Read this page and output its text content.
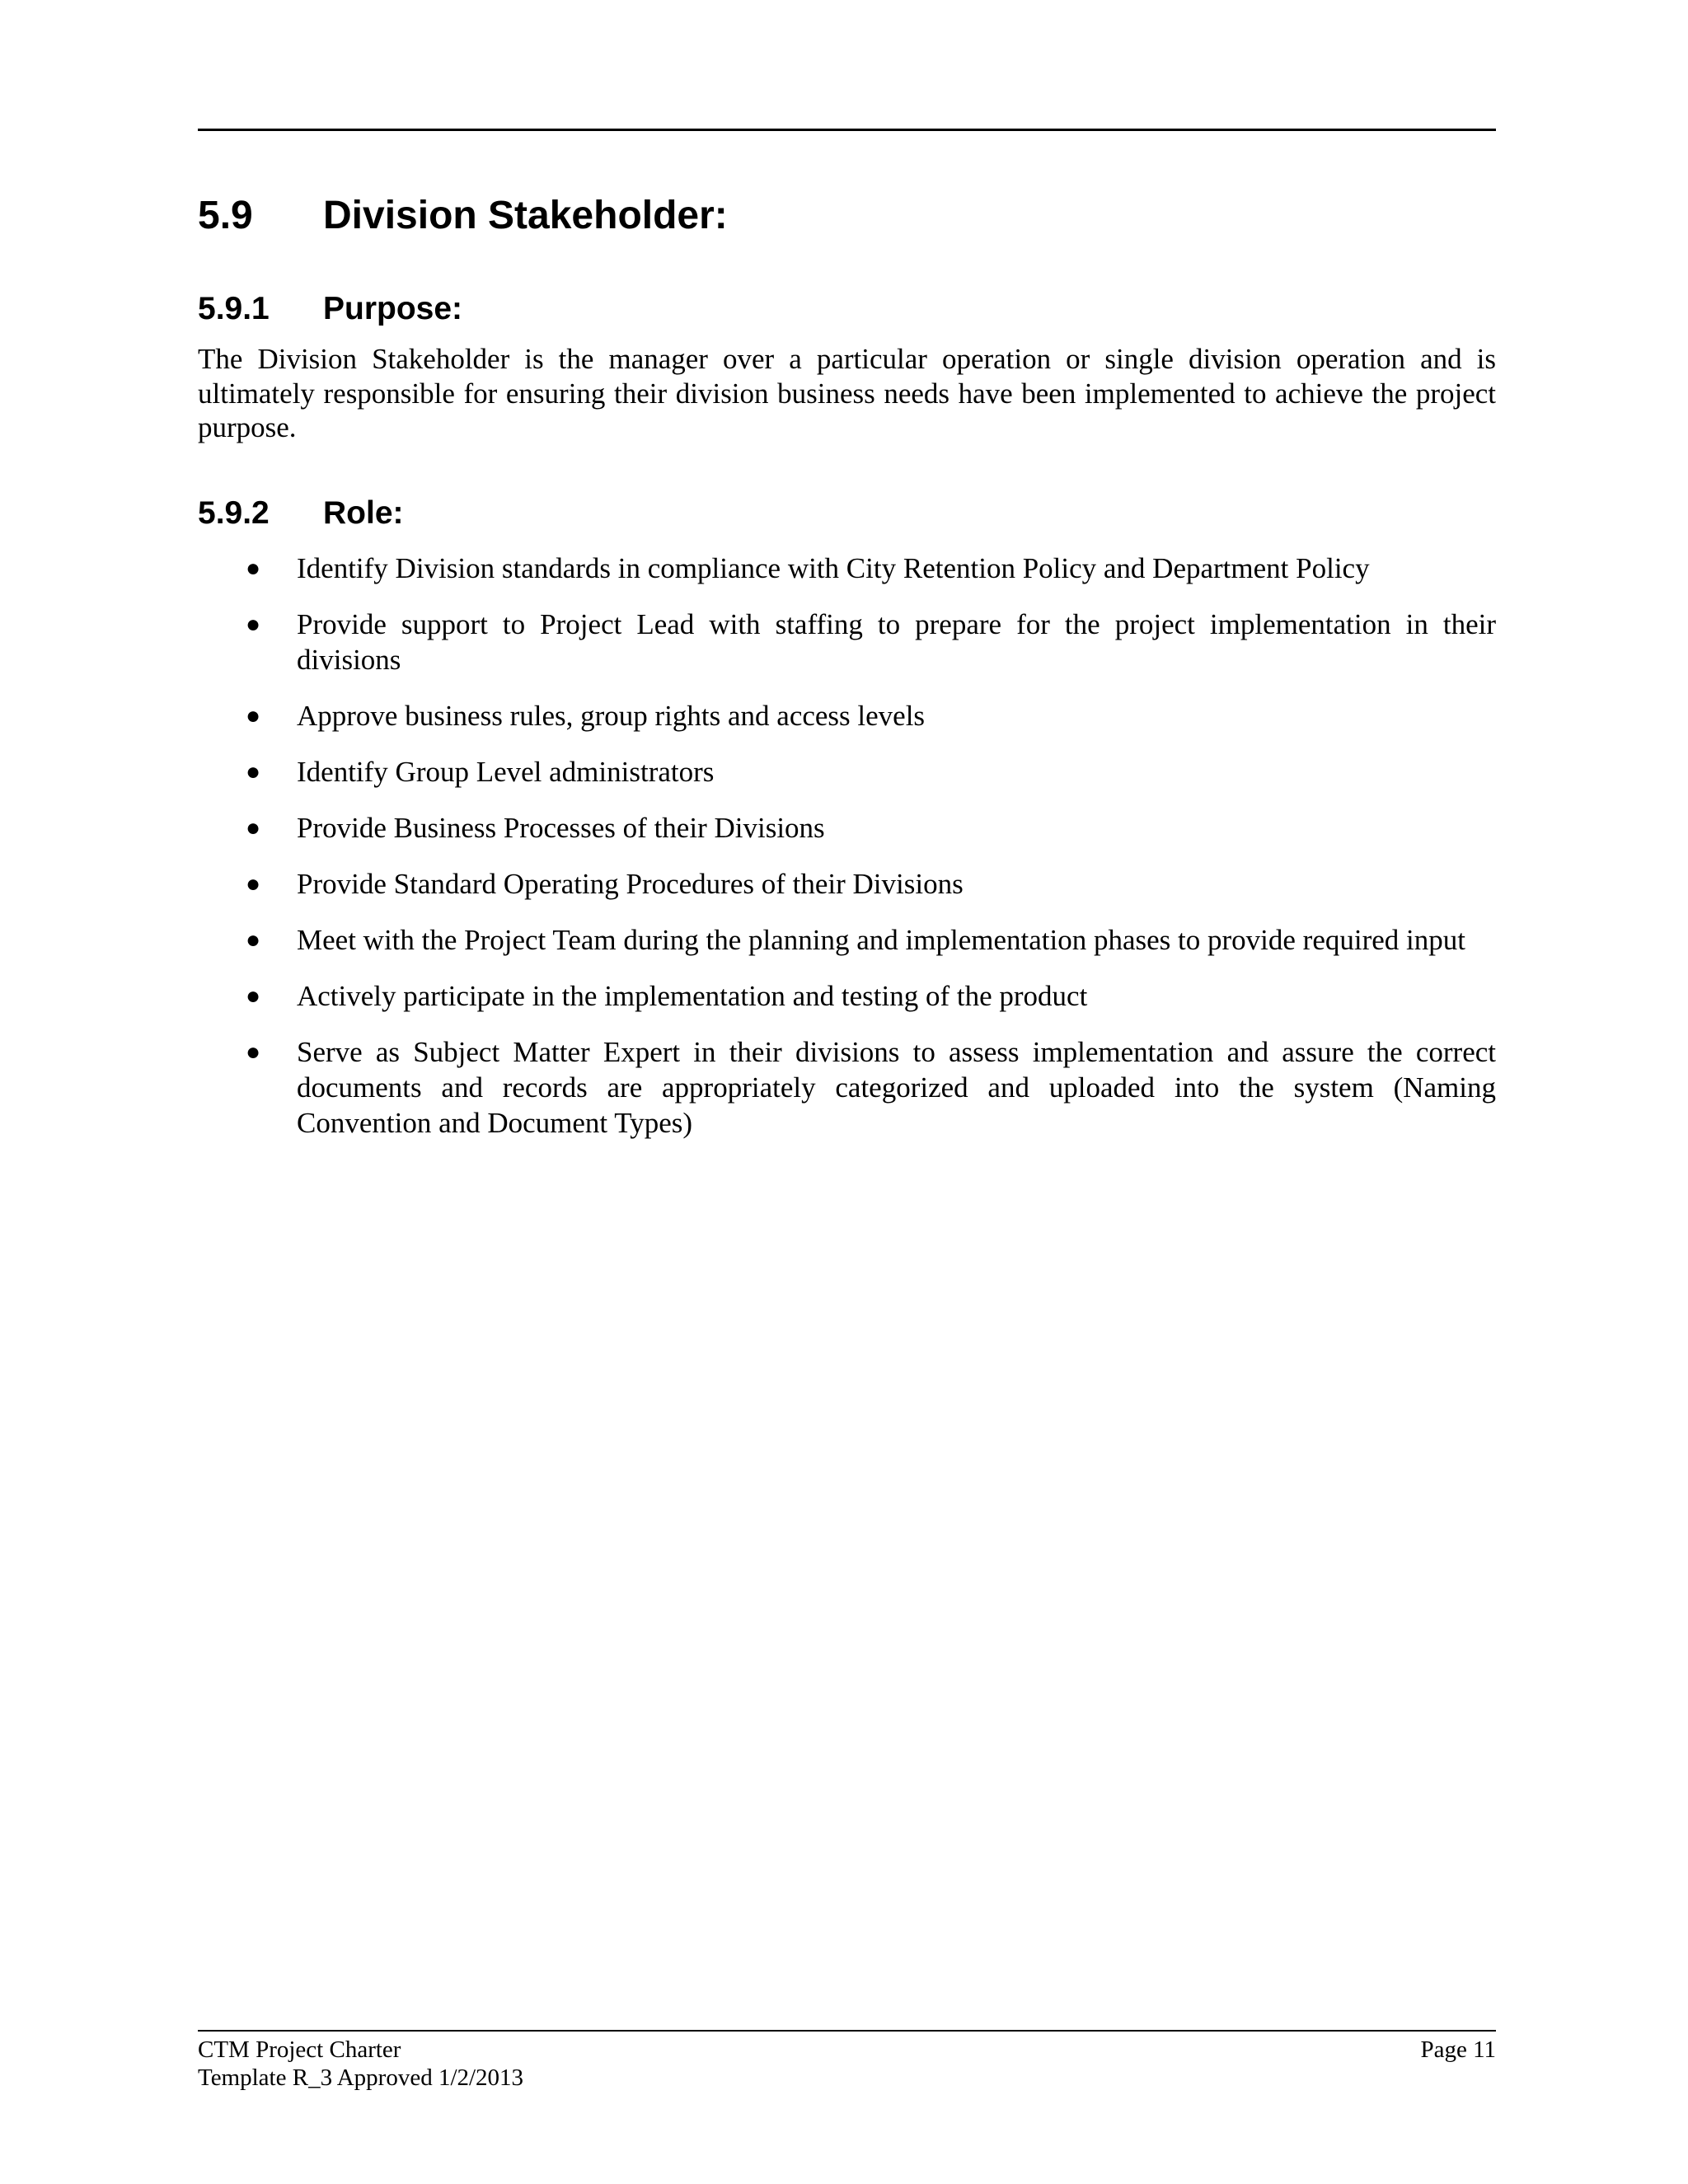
5.9 Division Stakeholder:
5.9.1 Purpose:

The Division Stakeholder is the manager over a particular operation or single division operation and is ultimately responsible for ensuring their division business needs have been implemented to achieve the project purpose.

5.9.2 Role:
● Identify Division standards in compliance with City Retention Policy and Department Policy
● Provide support to Project Lead with staffing to prepare for the project implementation in their divisions
● Approve business rules, group rights and access levels
● Identify Group Level administrators
● Provide Business Processes of their Divisions
● Provide Standard Operating Procedures of their Divisions
● Meet with the Project Team during the planning and implementation phases to provide required input
● Actively participate in the implementation and testing of the product
● Serve as Subject Matter Expert in their divisions to assess implementation and assure the correct documents and records are appropriately categorized and uploaded into the system (Naming Convention and Document Types)
CTM Project Charter
Template R_3 Approved 1/2/2013
Page 11
